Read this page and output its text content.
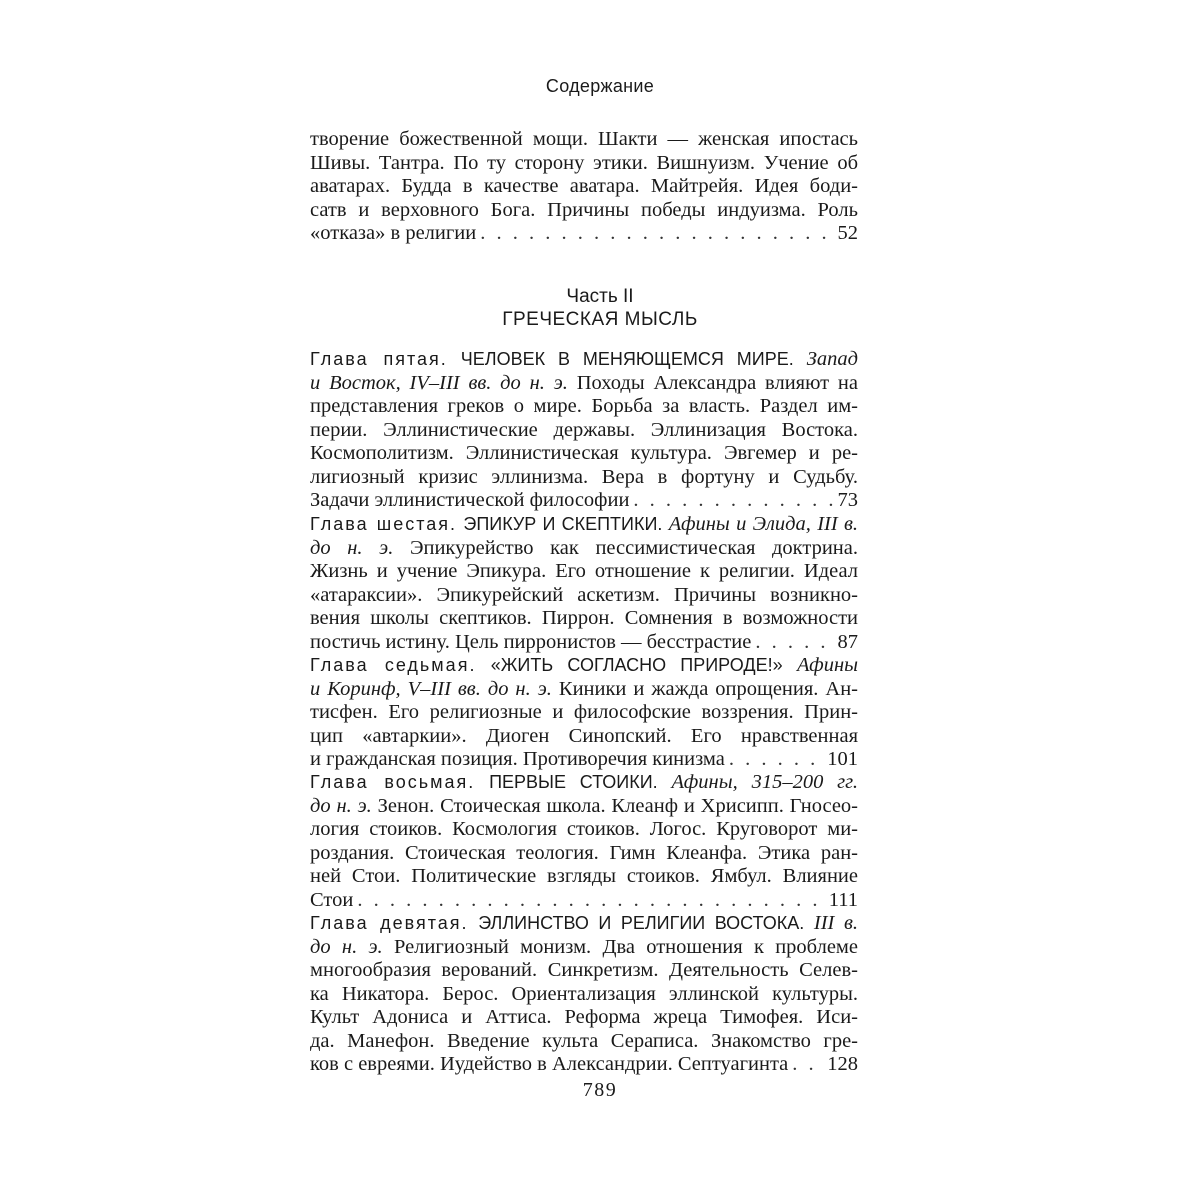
Содержание
творение божественной мощи. Шакти — женская ипостась
Шивы. Тантра. По ту сторону этики. Вишнуизм. Учение об
аватарах. Будда в качестве аватара. Майтрейя. Идея боди-
сатв и верховного Бога. Причины победы индуизма. Роль
«отказа» в религии . . .	52
Часть II
ГРЕЧЕСКАЯ МЫСЛЬ
Глава пятая. ЧЕЛОВЕК В МЕНЯЮЩЕМСЯ МИРЕ. Запад
и Восток, IV–III вв. до н. э. Походы Александра влияют на
представления греков о мире. Борьба за власть. Раздел им-
перии. Эллинистические державы. Эллинизация Востока.
Космополитизм. Эллинистическая культура. Эвгемер и ре-
лигиозный кризис эллинизма. Вера в фортуну и Судьбу.
Задачи эллинистической философии . . .	73
Глава шестая. ЭПИКУР И СКЕПТИКИ. Афины и Элида, III в.
до н. э. Эпикурейство как пессимистическая доктрина.
Жизнь и учение Эпикура. Его отношение к религии. Идеал
«атараксии». Эпикурейский аскетизм. Причины возникно-
вения школы скептиков. Пиррон. Сомнения в возможности
постичь истину. Цель пирронистов — бесстрастие . . .	87
Глава седьмая. «ЖИТЬ СОГЛАСНО ПРИРОДЕ!» Афины
и Коринф, V–III вв. до н. э. Киники и жажда опрощения. Ан-
тисфен. Его религиозные и философские воззрения. Прин-
цип «автаркии». Диоген Синопский. Его нравственная
и гражданская позиция. Противоречия кинизма . . .	101
Глава восьмая. ПЕРВЫЕ СТОИКИ. Афины, 315–200 гг.
до н. э. Зенон. Стоическая школа. Клеанф и Хрисипп. Гносео-
логия стоиков. Космология стоиков. Логос. Круговорот ми-
роздания. Стоическая теология. Гимн Клеанфа. Этика ран-
ней Стои. Политические взгляды стоиков. Ямбул. Влияние
Стои . . .	111
Глава девятая. ЭЛЛИНСТВО И РЕЛИГИИ ВОСТОКА. III в.
до н. э. Религиозный монизм. Два отношения к проблеме
многообразия верований. Синкретизм. Деятельность Селев-
ка Никатора. Берос. Ориентализация эллинской культуры.
Культ Адониса и Аттиса. Реформа жреца Тимофея. Иси-
да. Манефон. Введение культа Сераписа. Знакомство гре-
ков с евреями. Иудейство в Александрии. Септуагинта . . . 128
789
